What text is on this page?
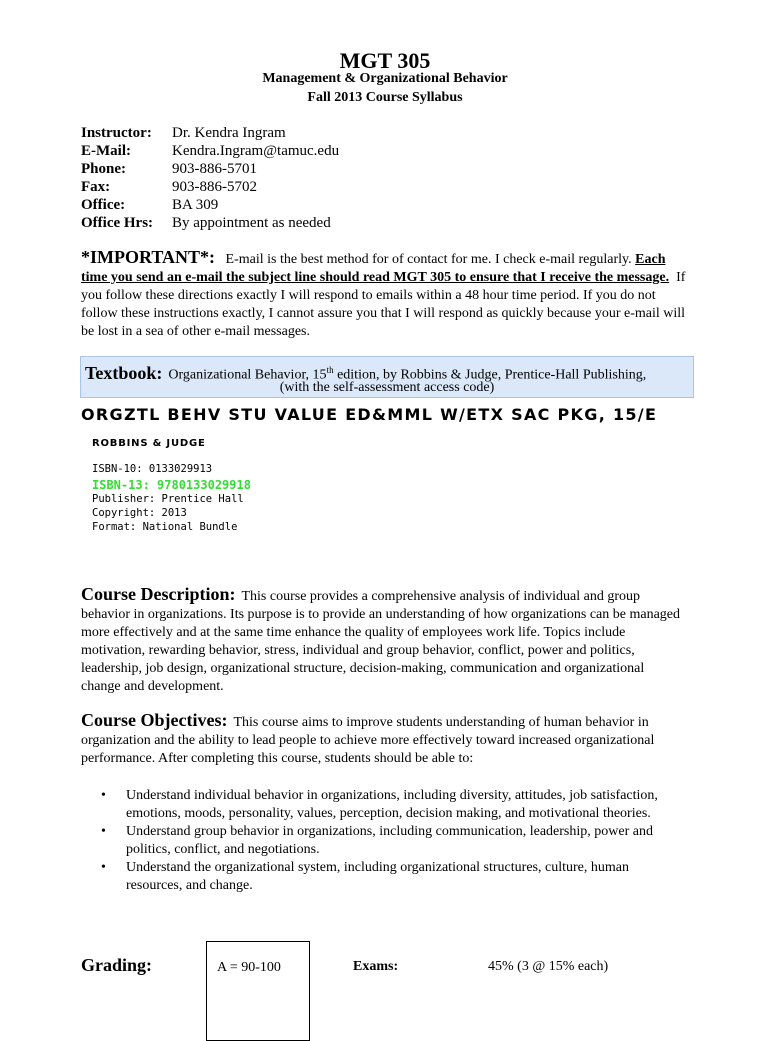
MGT 305
Management & Organizational Behavior
Fall 2013 Course Syllabus
Instructor: Dr. Kendra Ingram
E-Mail:	Kendra.Ingram@tamuc.edu
Phone:	903-886-5701
Fax:	903-886-5702
Office:	BA 309
Office Hrs: By appointment as needed
*IMPORTANT*: E-mail is the best method for of contact for me. I check e-mail regularly. Each time you send an e-mail the subject line should read MGT 305 to ensure that I receive the message. If you follow these directions exactly I will respond to emails within a 48 hour time period. If you do not follow these instructions exactly, I cannot assure you that I will respond as quickly because your e-mail will be lost in a sea of other e-mail messages.
Textbook: Organizational Behavior, 15th edition, by Robbins & Judge, Prentice-Hall Publishing,
(with the self-assessment access code)
ORGZTL BEHV STU VALUE ED&MML W/ETX SAC PKG, 15/E
ROBBINS & JUDGE
ISBN-10: 0133029913
ISBN-13: 9780133029918
Publisher: Prentice Hall
Copyright: 2013
Format: National Bundle
Course Description: This course provides a comprehensive analysis of individual and group behavior in organizations. Its purpose is to provide an understanding of how organizations can be managed more effectively and at the same time enhance the quality of employees work life. Topics include motivation, rewarding behavior, stress, individual and group behavior, conflict, power and politics, leadership, job design, organizational structure, decision-making, communication and organizational change and development.
Course Objectives: This course aims to improve students understanding of human behavior in organization and the ability to lead people to achieve more effectively toward increased organizational performance. After completing this course, students should be able to:
• Understand individual behavior in organizations, including diversity, attitudes, job satisfaction, emotions, moods, personality, values, perception, decision making, and motivational theories.
• Understand group behavior in organizations, including communication, leadership, power and politics, conflict, and negotiations.
• Understand the organizational system, including organizational structures, culture, human resources, and change.
Grading:	A = 90-100	Exams:	45% (3 @ 15% each)
